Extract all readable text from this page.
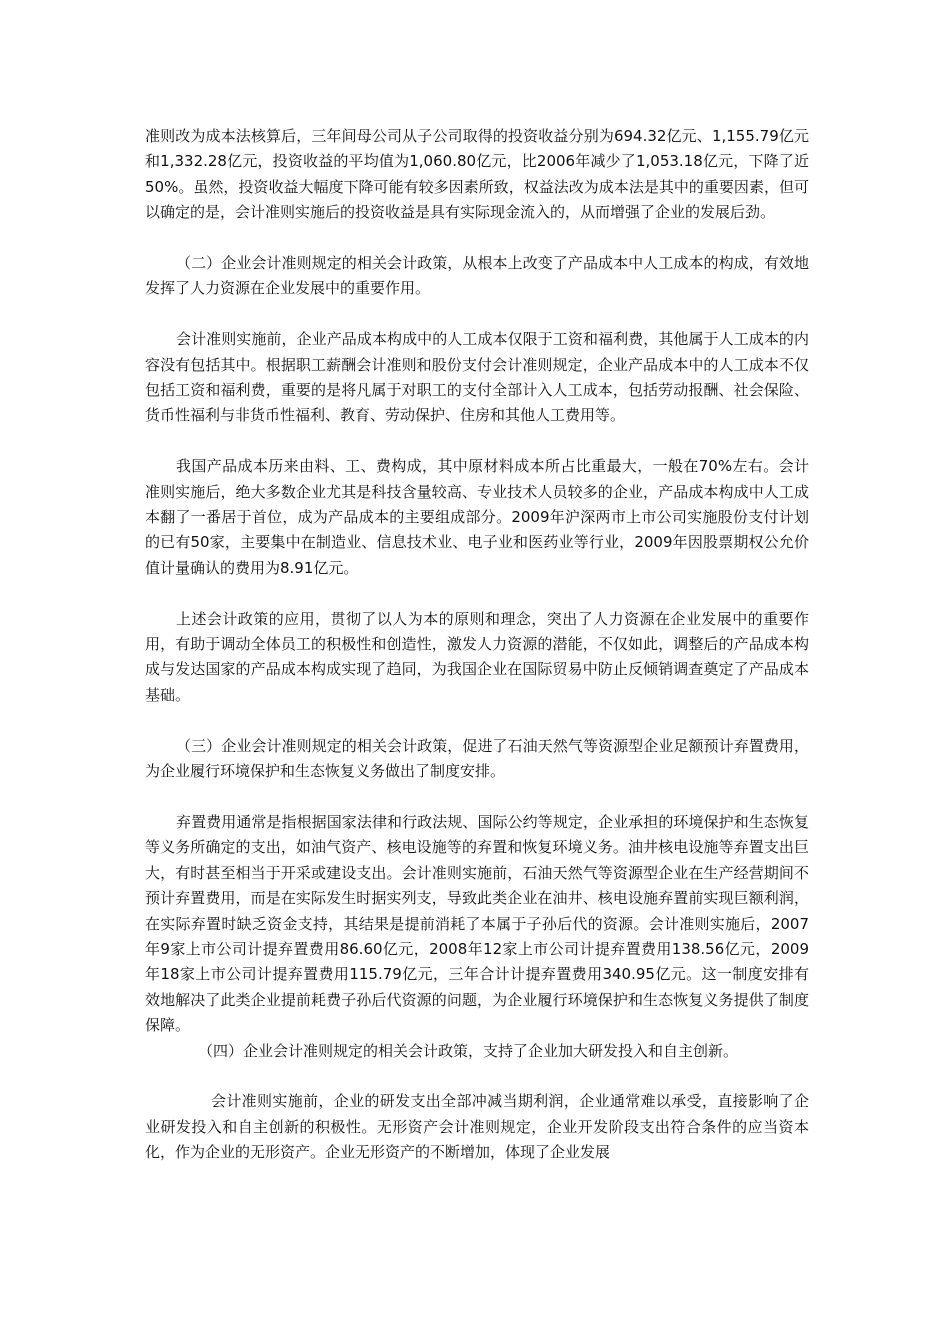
准则改为成本法核算后，三年间母公司从子公司取得的投资收益分别为694.32亿元、1,155.79亿元和1,332.28亿元，投资收益的平均值为1,060.80亿元，比2006年减少了1,053.18亿元，下降了近50%。虽然，投资收益大幅度下降可能有较多因素所致，权益法改为成本法是其中的重要因素，但可以确定的是，会计准则实施后的投资收益是具有实际现金流入的，从而增强了企业的发展后劲。

（二）企业会计准则规定的相关会计政策，从根本上改变了产品成本中人工成本的构成，有效地发挥了人力资源在企业发展中的重要作用。

会计准则实施前，企业产品成本构成中的人工成本仅限于工资和福利费，其他属于人工成本的内容没有包括其中。根据职工薪酬会计准则和股份支付会计准则规定，企业产品成本中的人工成本不仅包括工资和福利费，重要的是将凡属于对职工的支付全部计入人工成本，包括劳动报酬、社会保险、货币性福利与非货币性福利、教育、劳动保护、住房和其他人工费用等。

我国产品成本历来由料、工、费构成，其中原材料成本所占比重最大，一般在70%左右。会计准则实施后，绝大多数企业尤其是科技含量较高、专业技术人员较多的企业，产品成本构成中人工成本翻了一番居于首位，成为产品成本的主要组成部分。2009年沪深两市上市公司实施股份支付计划的已有50家，主要集中在制造业、信息技术业、电子业和医药业等行业，2009年因股票期权公允价值计量确认的费用为8.91亿元。

上述会计政策的应用，贯彻了以人为本的原则和理念，突出了人力资源在企业发展中的重要作用，有助于调动全体员工的积极性和创造性，激发人力资源的潜能，不仅如此，调整后的产品成本构成与发达国家的产品成本构成实现了趋同，为我国企业在国际贸易中防止反倾销调查奠定了产品成本基础。

（三）企业会计准则规定的相关会计政策，促进了石油天然气等资源型企业足额预计弃置费用，为企业履行环境保护和生态恢复义务做出了制度安排。

弃置费用通常是指根据国家法律和行政法规、国际公约等规定，企业承担的环境保护和生态恢复等义务所确定的支出，如油气资产、核电设施等的弃置和恢复环境义务。油井核电设施等弃置支出巨大，有时甚至相当于开采或建设支出。会计准则实施前，石油天然气等资源型企业在生产经营期间不预计弃置费用，而是在实际发生时据实列支，导致此类企业在油井、核电设施弃置前实现巨额利润，在实际弃置时缺乏资金支持，其结果是提前消耗了本属于子孙后代的资源。会计准则实施后，2007年9家上市公司计提弃置费用86.60亿元，2008年12家上市公司计提弃置费用138.56亿元，2009年18家上市公司计提弃置费用115.79亿元，三年合计计提弃置费用340.95亿元。这一制度安排有效地解决了此类企业提前耗费子孙后代资源的问题，为企业履行环境保护和生态恢复义务提供了制度保障。

（四）企业会计准则规定的相关会计政策，支持了企业加大研发投入和自主创新。

会计准则实施前，企业的研发支出全部冲减当期利润，企业通常难以承受，直接影响了企业研发投入和自主创新的积极性。无形资产会计准则规定，企业开发阶段支出符合条件的应当资本化，作为企业的无形资产。企业无形资产的不断增加，体现了企业发展
